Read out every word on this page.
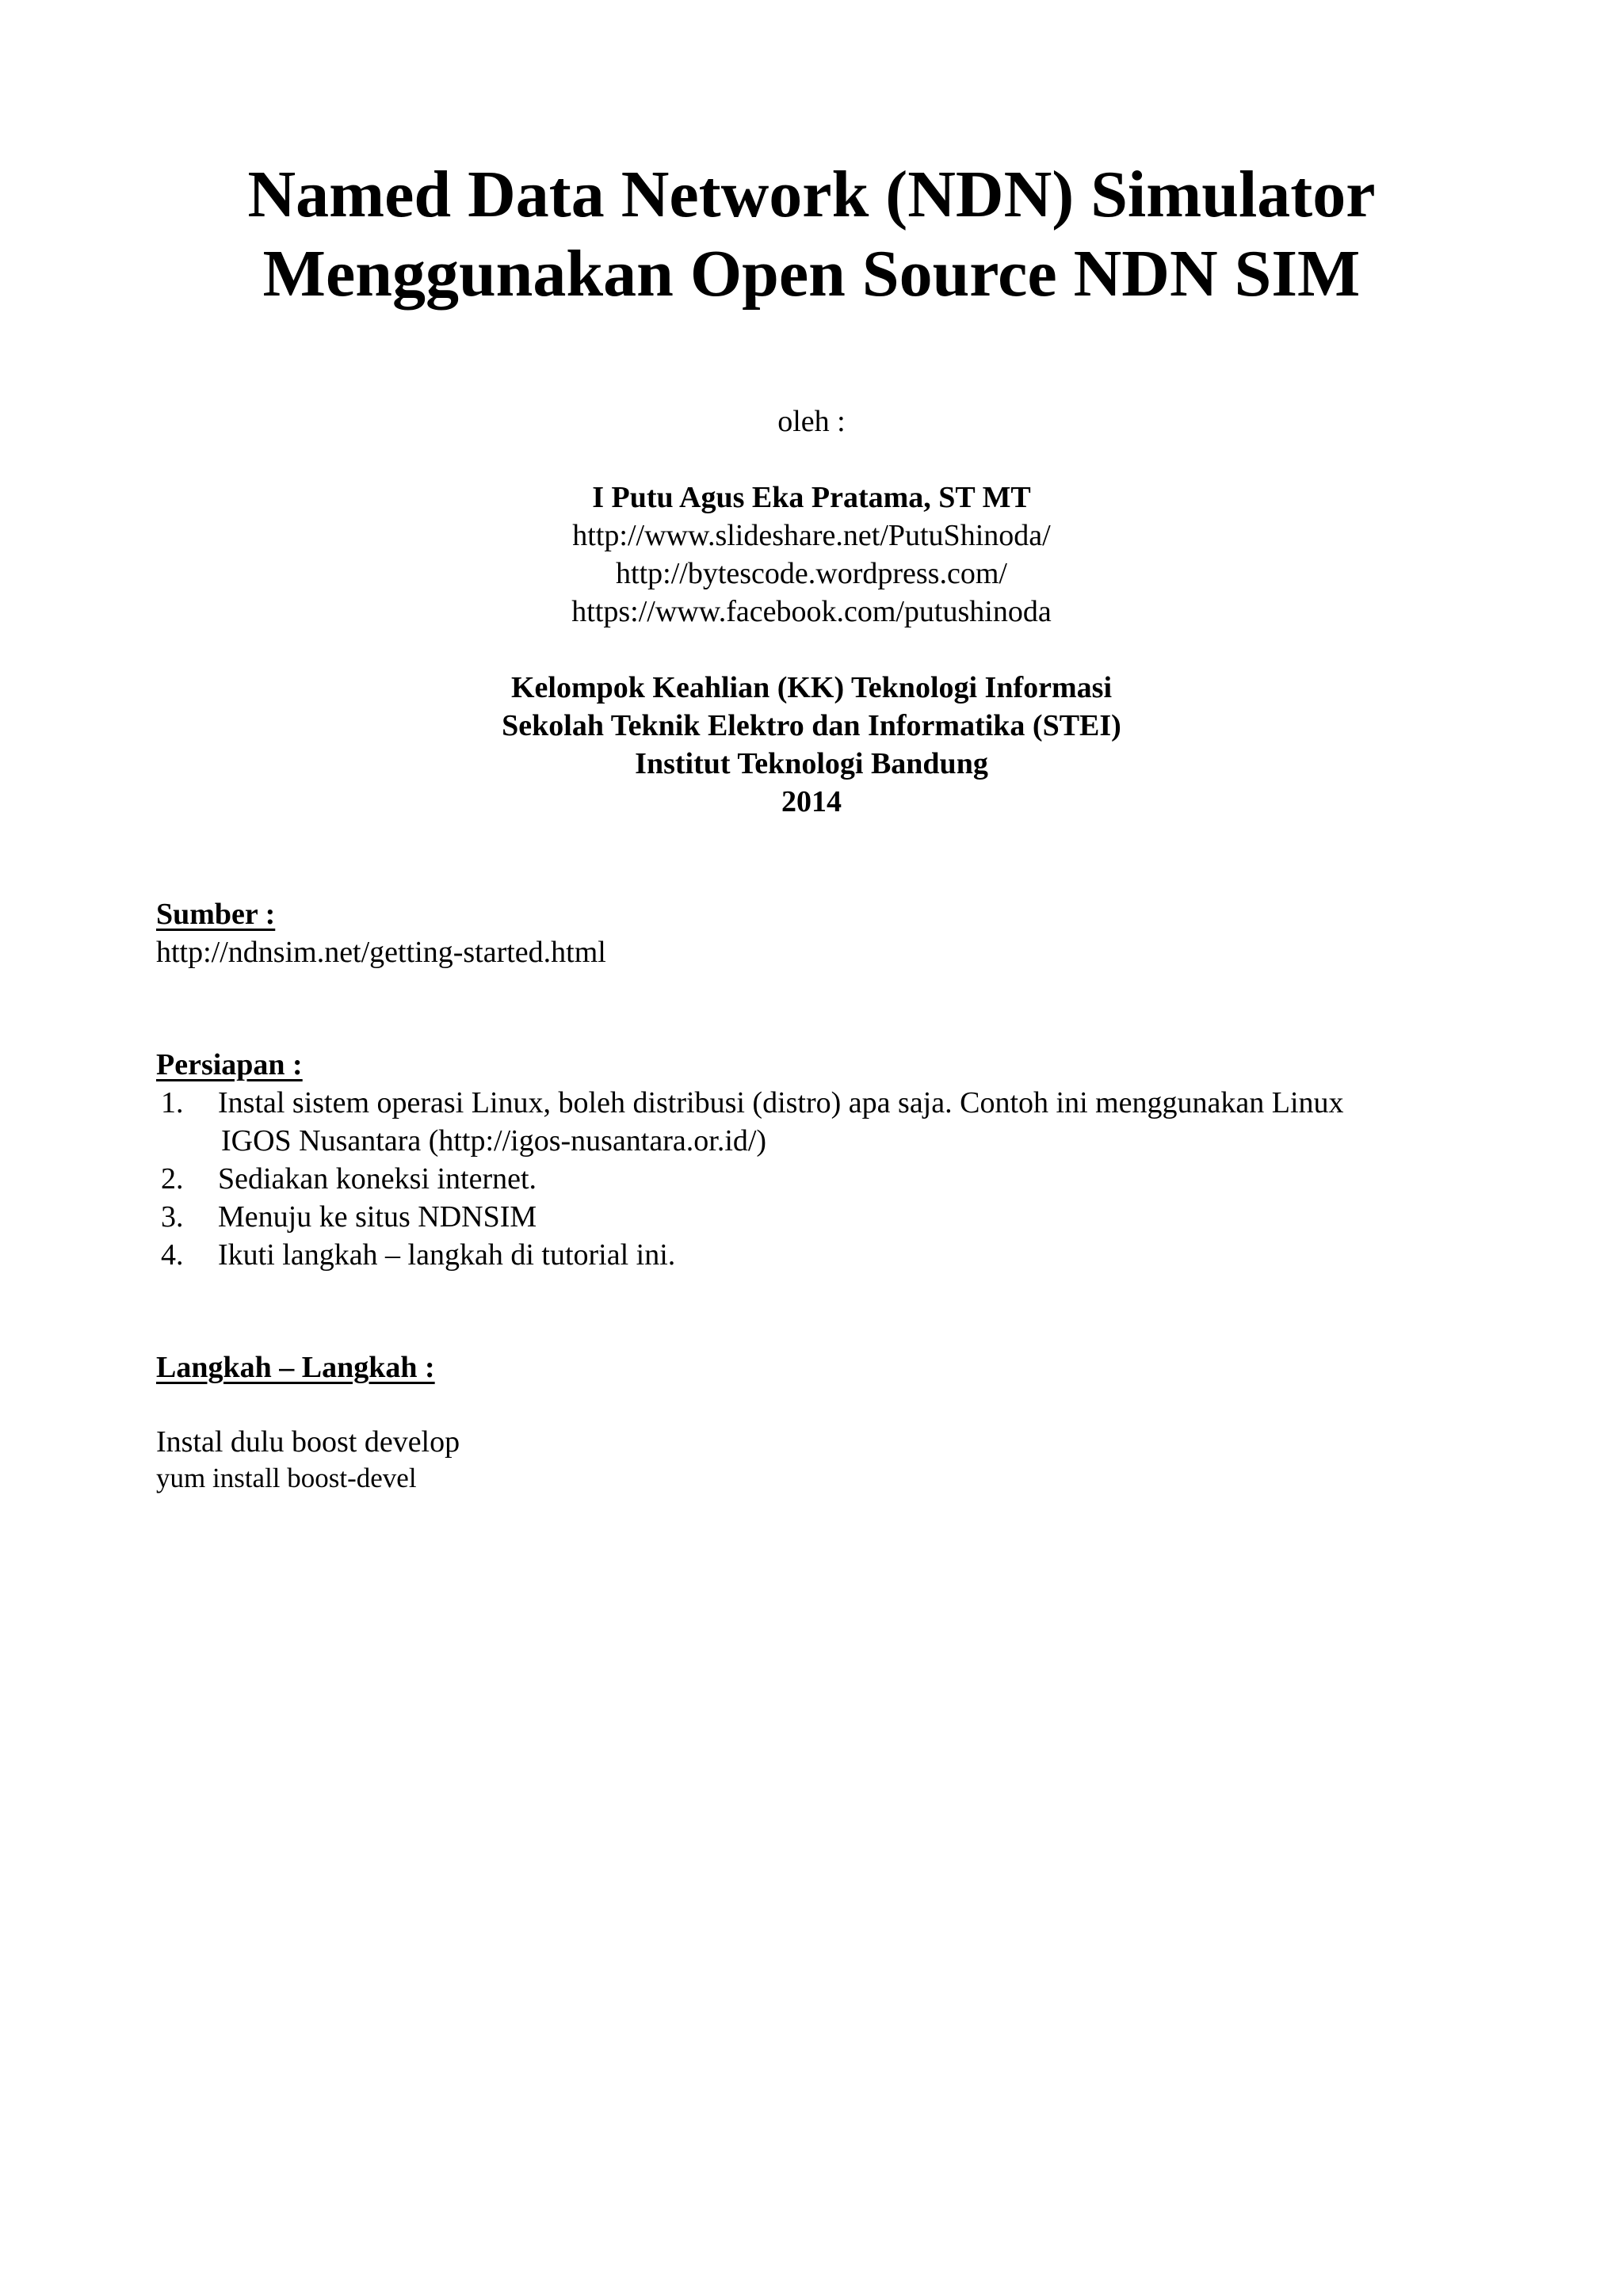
Named Data Network (NDN) Simulator
Menggunakan Open Source NDN SIM
oleh :
I Putu Agus Eka Pratama, ST MT
http://www.slideshare.net/PutuShinoda/
http://bytescode.wordpress.com/
https://www.facebook.com/putushinoda
Kelompok Keahlian (KK) Teknologi Informasi
Sekolah Teknik Elektro dan Informatika (STEI)
Institut Teknologi Bandung
2014
Sumber :
http://ndnsim.net/getting-started.html
Persiapan :
1. Instal sistem operasi Linux, boleh distribusi (distro) apa saja. Contoh ini menggunakan Linux
IGOS Nusantara (http://igos-nusantara.or.id/)
2. Sediakan koneksi internet.
3. Menuju ke situs NDNSIM
4. Ikuti langkah – langkah di tutorial ini.
Langkah – Langkah :
Instal dulu boost develop
yum install boost-devel
